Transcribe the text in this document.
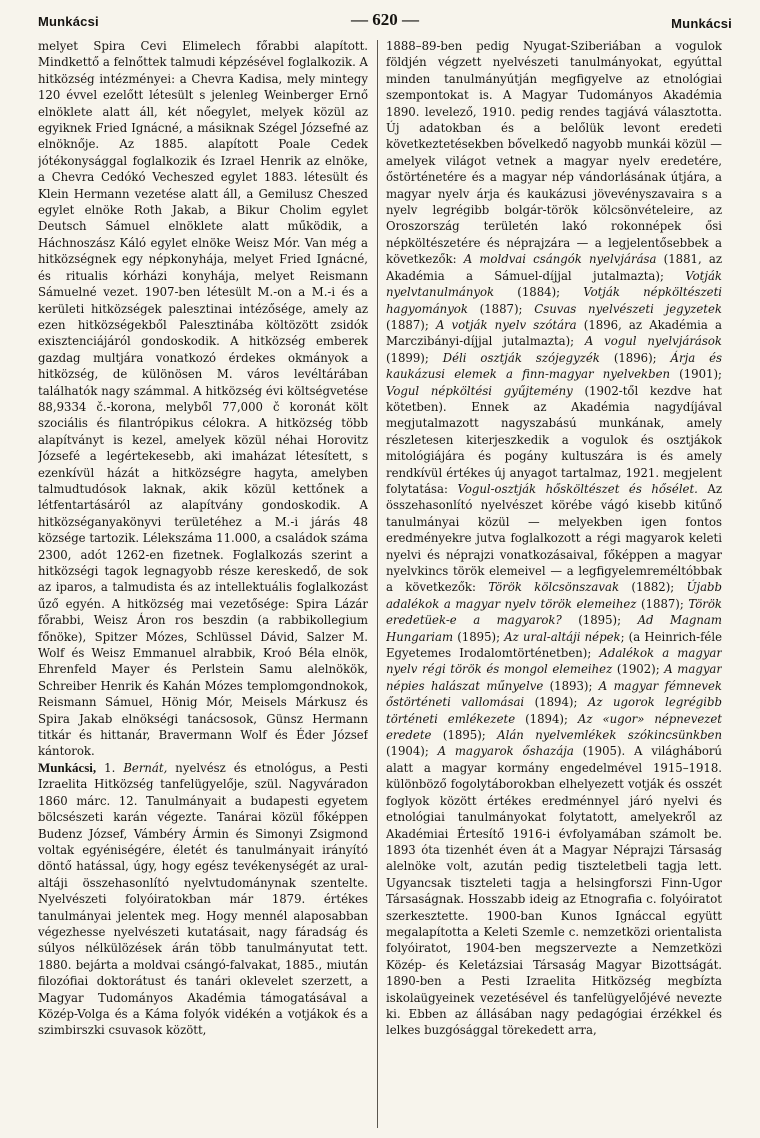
Munkácsi	— 620 —	Munkácsi

melyet Spira Cevi Elimelech főrabbi alapított. Mindkettő a felnőttek talmudi képzésével foglalkozik. A hitközség intézményei: a Chevra Kadisa, mely mintegy 120 évvel ezelőtt létesült s jelenleg Weinberger Ernő elnöklete alatt áll, két nőegylet, melyek közül az egyiknek Fried Ignácné, a másiknak Szégel Józsefné az elnöknője. Az 1885. alapított Poale Cedek jótékonysággal foglalkozik és Izrael Henrik az elnöke, a Chevra Cedókó Vecheszed egylet 1883. létesült és Klein Hermann vezetése alatt áll, a Gemilusz Cheszed egylet elnöke Roth Jakab, a Bikur Cholim egylet Deutsch Sámuel elnöklete alatt működik, a Háchnoszász Káló egylet elnöke Weisz Mór. Van még a hitközségnek egy népkonyhája, melyet Fried Ignácné, és ritualis kórházi konyhája, melyet Reismann Sámuelné vezet. 1907-ben létesült M.-on a M.-i és a kerületi hitközségek palesztinai intézősége, amely az ezen hitközségekből Palesztinába költözött zsidók exisztenciájáról gondoskodik. A hitközség emberek gazdag multjára vonatkozó érdekes okmányok a hitközség, de különösen M. város levéltárában találhatók nagy számmal. A hitközség évi költségvetése 88,9334 č.-korona, melyből 77,000 č koronát költ szociális és filantrópikus célokra. A hitközség több alapítványt is kezel, amelyek közül néhai Horovitz Józsefé a legértekesebb, aki imaházat létesített, s ezenkívül házát a hitközségre hagyta, amelyben talmudtudósok laknak, akik közül kettőnek a létfentartásáról az alapítvány gondoskodik. A hitközséganyakönyvi területéhez a M.-i járás 48 községe tartozik. Lélekszáma 11.000, a családok száma 2300, adót 1262-en fizetnek. Foglalkozás szerint a hitközségi tagok legnagyobb része kereskedő, de sok az iparos, a talmudista és az intellektuális foglalkozást űző egyén. A hitközség mai vezetősége: Spira Lázár főrabbi, Weisz Áron ros beszdin (a rabbikollegium főnöke), Spitzer Mózes, Schlüssel Dávid, Salzer M. Wolf és Weisz Emmanuel alrabbik, Kroó Béla elnök, Ehrenfeld Mayer és Perlstein Samu alelnökök, Schreiber Henrik és Kahán Mózes templomgondnokok, Reismann Sámuel, Hönig Mór, Meisels Márkusz és Spira Jakab elnökségi tanácsosok, Günsz Hermann titkár és hittanár, Bravermann Wolf és Éder József kántorok.

Munkácsi, 1. Bernát, nyelvész és etnológus, a Pesti Izraelita Hitközség tanfelügyelője, szül. Nagyváradon 1860 márc. 12. Tanulmányait a budapesti egyetem bölcsészeti karán végezte. Tanárai közül főképpen Budenz József, Vámbéry Ármin és Simonyi Zsigmond voltak egyéniségére, életét és tanulmányait irányító döntő hatással, úgy, hogy egész tevékenységét az ural-altáji összehasonlító nyelvtudománynak szentelte. Nyelvészeti folyóiratokban már 1879. értékes tanulmányai jelentek meg. Hogy mennél alaposabban végezhesse nyelvészeti kutatásait, nagy fáradság és súlyos nélkülözések árán több tanulmányutat tett. 1880. bejárta a moldvai csángó-falvakat, 1885., miután filozófiai doktorátust és tanári oklevelet szerzett, a Magyar Tudományos Akadémia támogatásával a Közép-Volga és a Káma folyók vidékén a votjákok és a szimbirszki csuvasok között,

1888–89-ben pedig Nyugat-Sziberiában a vogulok földjén végzett nyelvészeti tanulmányokat, egyúttal minden tanulmányútján megfigyelve az etnológiai szempontokat is. A Magyar Tudományos Akadémia 1890. levelező, 1910. pedig rendes tagjává választotta. Új adatokban és a belőlük levont eredeti következtetésekben bővelkedő nagyobb munkái közül — amelyek világot vetnek a magyar nyelv eredetére, őstörténetére és a magyar nép vándorlásának útjára, a magyar nyelv árja és kaukázusi jövevényszavaira s a nyelv legrégibb bolgár-török kölcsönvételeire, az Oroszország területén lakó rokonnépek ősi népköltészetére és néprajzára — a legjelentősebbek a következők: A moldvai csángók nyelvjárása (1881, az Akadémia a Sámuel-díjjal jutalmazta); Votják nyelvtanulmányok (1884); Votják népköltészeti hagyományok (1887); Csuvas nyelvészeti jegyzetek (1887); A votják nyelv szótára (1896, az Akadémia a Marczibányi-díjjal jutalmazta); A vogul nyelvjárások (1899); Déli osztják szójegyzék (1896); Árja és kaukázusi elemek a finn-magyar nyelvekben (1901); Vogul népköltési gyűjtemény (1902-től kezdve hat kötetben). Ennek az Akadémia nagydíjával megjutalmazott nagyszabású munkának, amely részletesen kiterjeszkedik a vogulok és osztjákok mitológiájára és pogány kultuszára is és amely rendkívül értékes új anyagot tartalmaz, 1921. megjelent folytatása: Vogul-osztják hősköltészet és hősélet. Az összehasonlító nyelvészet körébe vágó kisebb kitűnő tanulmányai közül — melyekben igen fontos eredményekre jutva foglalkozott a régi magyarok keleti nyelvi és néprajzi vonatkozásaival, főképpen a magyar nyelvkincs török elemeivel — a legfigyelemreméltóbbak a következők: Török kölcsönszavak (1882); Újabb adalékok a magyar nyelv török elemeihez (1887); Török eredetüek-e a magyarok? (1895); Ad Magnam Hungariam (1895); Az ural-altáji népek; (a Heinrich-féle Egyetemes Irodalomtörténetben); Adalékok a magyar nyelv régi török és mongol elemeihez (1902); A magyar népies halászat műnyelve (1893); A magyar fémnevek őstörténeti vallomásai (1894); Az ugorok legrégibb történeti emlékezete (1894); Az «ugor» népnevezet eredete (1895); Alán nyelvemlékek szókincsünkben (1904); A magyarok őshazája (1905). A világháború alatt a magyar kormány engedelmével 1915–1918. különböző fogolytáborokban elhelyezett votják és osszét foglyok között értékes eredménnyel járó nyelvi és etnológiai tanulmányokat folytatott, amelyekről az Akadémiai Értesítő 1916-i évfolyamában számolt be. 1893 óta tizenhét éven át a Magyar Néprajzi Társaság alelnöke volt, azután pedig tiszteletbeli tagja lett. Ugyancsak tiszteleti tagja a helsingforszi Finn-Ugor Társaságnak. Hosszabb ideig az Etnografia c. folyóiratot szerkesztette. 1900-ban Kunos Ignáccal együtt megalapította a Keleti Szemle c. nemzetközi orientalista folyóiratot, 1904-ben megszervezte a Nemzetközi Közép- és Keletázsiai Társaság Magyar Bizottságát. 1890-ben a Pesti Izraelita Hitközség megbízta iskolaügyeinek vezetésével és tanfelügyelőjévé nevezte ki. Ebben az állásában nagy pedagógiai érzékkel és lelkes buzgósággal törekedett arra,
